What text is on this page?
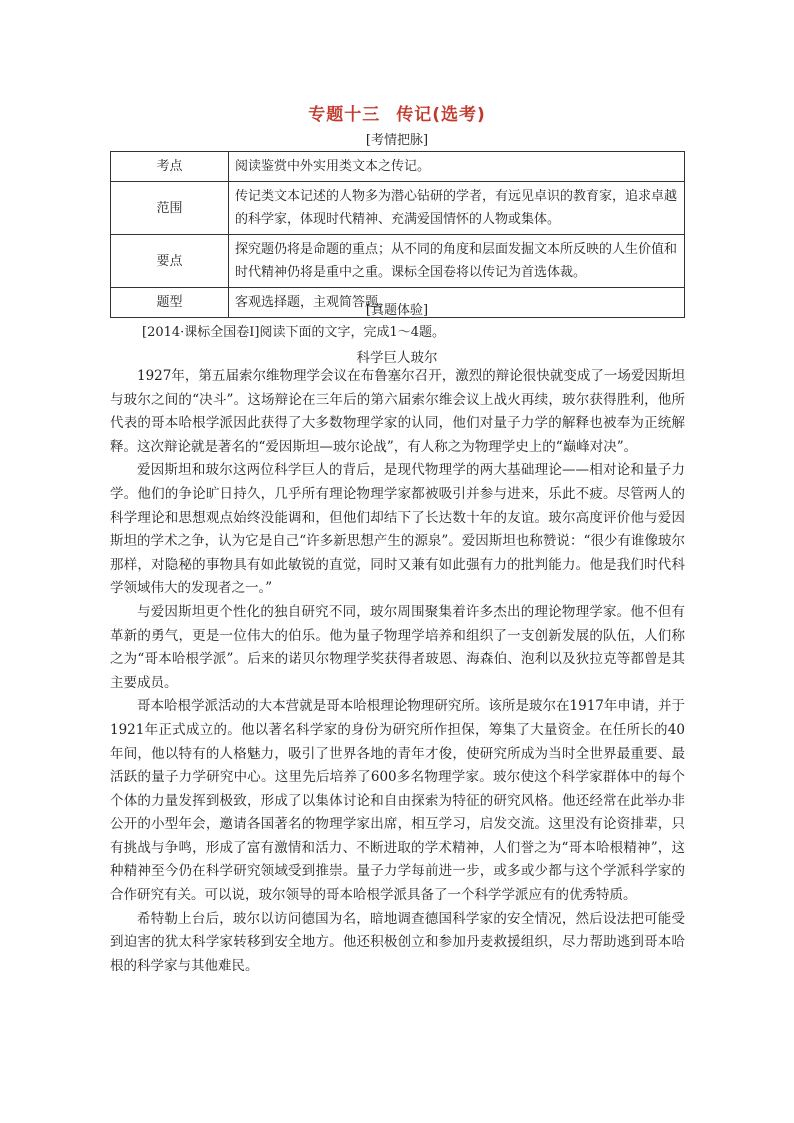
专题十三 传记(选考)
[考情把脉]
考点	阅读鉴赏中外实用类文本之传记。
范围	传记类文本记述的人物多为潜心钻研的学者，有远见卓识的教育家，追求卓越的科学家，体现时代精神、充满爱国情怀的人物或集体。
要点	探究题仍将是命题的重点；从不同的角度和层面发掘文本所反映的人生价值和时代精神仍将是重中之重。课标全国卷将以传记为首选体裁。
题型	客观选择题，主观简答题。
[真题体验]
[2014·课标全国卷Ⅰ]阅读下面的文字，完成1～4题。
科学巨人玻尔

1927年，第五届索尔维物理学会议在布鲁塞尔召开，激烈的辩论很快就变成了一场爱因斯坦与玻尔之间的“决斗”。这场辩论在三年后的第六届索尔维会议上战火再续，玻尔获得胜利，他所代表的哥本哈根学派因此获得了大多数物理学家的认同，他们对量子力学的解释也被奉为正统解释。这次辩论就是著名的“爱因斯坦—玻尔论战”，有人称之为物理学史上的“巅峰对决”。

爱因斯坦和玻尔这两位科学巨人的背后，是现代物理学的两大基础理论——相对论和量子力学。他们的争论旷日持久，几乎所有理论物理学家都被吸引并参与进来，乐此不疲。尽管两人的科学理论和思想观点始终没能调和，但他们却结下了长达数十年的友谊。玻尔高度评价他与爱因斯坦的学术之争，认为它是自己“许多新思想产生的源泉”。爱因斯坦也称赞说：“很少有谁像玻尔那样，对隐秘的事物具有如此敏锐的直觉，同时又兼有如此强有力的批判能力。他是我们时代科学领域伟大的发现者之一。”

与爱因斯坦更个性化的独自研究不同，玻尔周围聚集着许多杰出的理论物理学家。他不但有革新的勇气，更是一位伟大的伯乐。他为量子物理学培养和组织了一支创新发展的队伍，人们称之为“哥本哈根学派”。后来的诺贝尔物理学奖获得者玻恩、海森伯、泡利以及狄拉克等都曾是其主要成员。

哥本哈根学派活动的大本营就是哥本哈根理论物理研究所。该所是玻尔在1917年申请，并于1921年正式成立的。他以著名科学家的身份为研究所作担保，筹集了大量资金。在任所长的40年间，他以特有的人格魅力，吸引了世界各地的青年才俊，使研究所成为当时全世界最重要、最活跃的量子力学研究中心。这里先后培养了600多名物理学家。玻尔使这个科学家群体中的每个个体的力量发挥到极致，形成了以集体讨论和自由探索为特征的研究风格。他还经常在此举办非公开的小型年会，邀请各国著名的物理学家出席，相互学习，启发交流。这里没有论资排辈，只有挑战与争鸣，形成了富有激情和活力、不断进取的学术精神，人们誉之为“哥本哈根精神”，这种精神至今仍在科学研究领域受到推崇。量子力学每前进一步，或多或少都与这个学派科学家的合作研究有关。可以说，玻尔领导的哥本哈根学派具备了一个科学学派应有的优秀特质。

希特勒上台后，玻尔以访问德国为名，暗地调查德国科学家的安全情况，然后设法把可能受到迫害的犹太科学家转移到安全地方。他还积极创立和参加丹麦救援组织，尽力帮助逃到哥本哈根的科学家与其他难民。
